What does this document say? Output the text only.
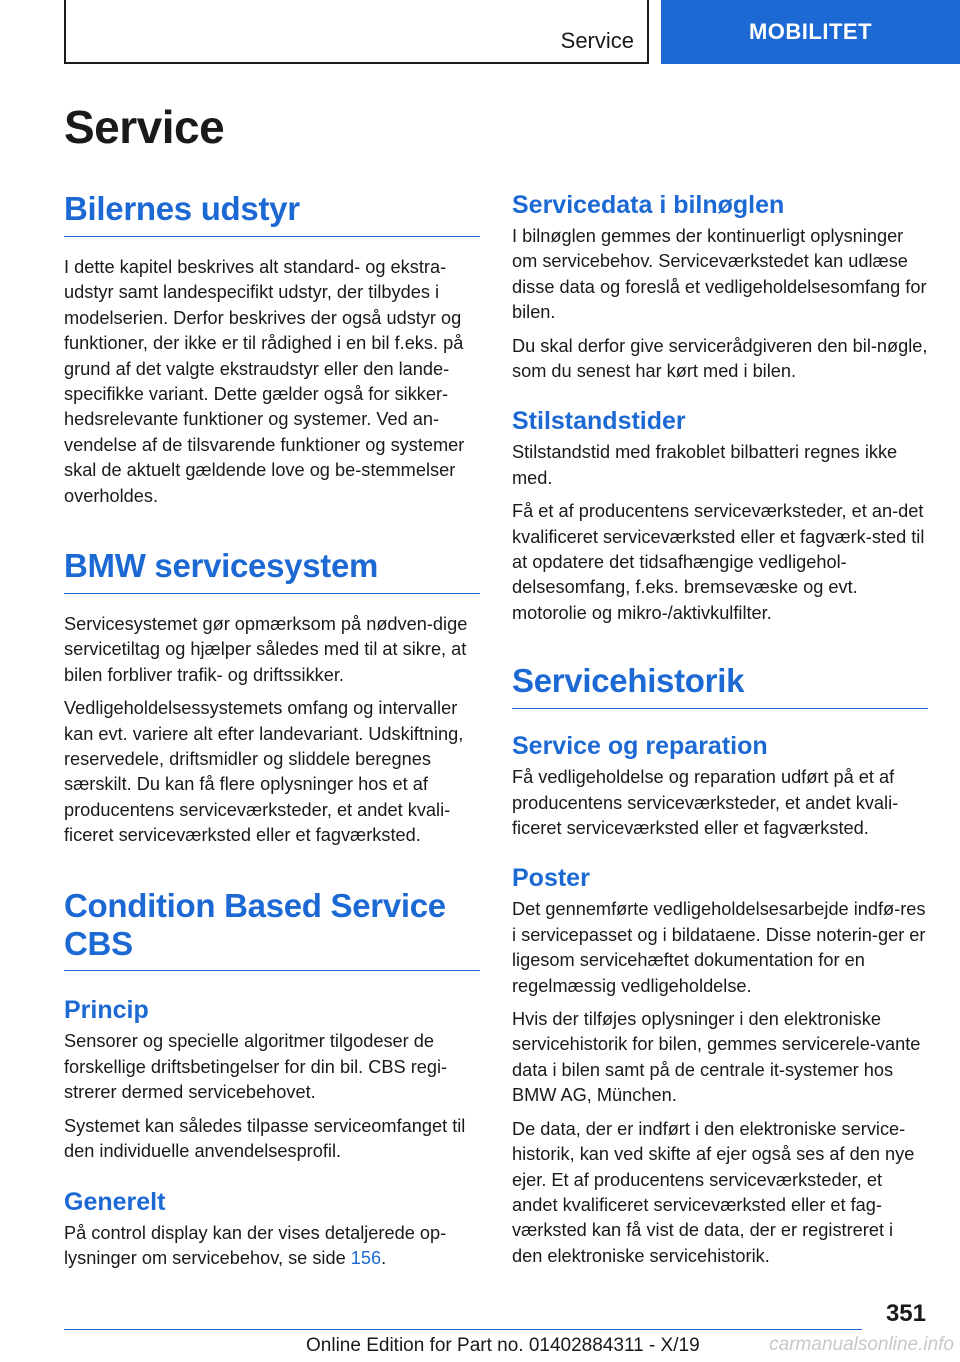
Service	MOBILITET
Service
Bilernes udstyr

I dette kapitel beskrives alt standard- og ekstra-udstyr samt landespecifikt udstyr, der tilbydes i modelserien. Derfor beskrives der også udstyr og funktioner, der ikke er til rådighed i en bil f.eks. på grund af det valgte ekstraudstyr eller den lande-specifikke variant. Dette gælder også for sikker-hedsrelevante funktioner og systemer. Ved an-vendelse af de tilsvarende funktioner og systemer skal de aktuelt gældende love og be-stemmelser overholdes.

BMW servicesystem

Servicesystemet gør opmærksom på nødven-dige servicetiltag og hjælper således med til at sikre, at bilen forbliver trafik- og driftssikker.

Vedligeholdelsessystemets omfang og intervaller kan evt. variere alt efter landevariant. Udskiftning, reservedele, driftsmidler og sliddele beregnes særskilt. Du kan få flere oplysninger hos et af producentens serviceværksteder, et andet kvali-ficeret serviceværksted eller et fagværksted.

Condition Based Service CBS
Princip

Sensorer og specielle algoritmer tilgodeser de forskellige driftsbetingelser for din bil. CBS regi-strerer dermed servicebehovet.

Systemet kan således tilpasse serviceomfanget til den individuelle anvendelsesprofil.

Generelt

På control display kan der vises detaljerede op-lysninger om servicebehov, se side 156.

Servicedata i bilnøglen

I bilnøglen gemmes der kontinuerligt oplysninger om servicebehov. Serviceværkstedet kan udlæse disse data og foreslå et vedligeholdelsesomfang for bilen.

Du skal derfor give servicerådgiveren den bil-nøgle, som du senest har kørt med i bilen.

Stilstandstider

Stilstandstid med frakoblet bilbatteri regnes ikke med.

Få et af producentens serviceværksteder, et an-det kvalificeret serviceværksted eller et fagværk-sted til at opdatere det tidsafhængige vedligehol-delsesomfang, f.eks. bremsevæske og evt. motorolie og mikro-/aktivkulfilter.

Servicehistorik
Service og reparation

Få vedligeholdelse og reparation udført på et af producentens serviceværksteder, et andet kvali-ficeret serviceværksted eller et fagværksted.

Poster

Det gennemførte vedligeholdelsesarbejde indfø-res i servicepasset og i bildataene. Disse noterin-ger er ligesom servicehæftet dokumentation for en regelmæssig vedligeholdelse.

Hvis der tilføjes oplysninger i den elektroniske servicehistorik for bilen, gemmes servicerele-vante data i bilen samt på de centrale it-systemer hos BMW AG, München.

De data, der er indført i den elektroniske service-historik, kan ved skifte af ejer også ses af den nye ejer. Et af producentens serviceværksteder, et andet kvalificeret serviceværksted eller et fag-værksted kan få vist de data, der er registreret i den elektroniske servicehistorik.

351
Online Edition for Part no. 01402884311 - X/19	carmanualsonline.info
